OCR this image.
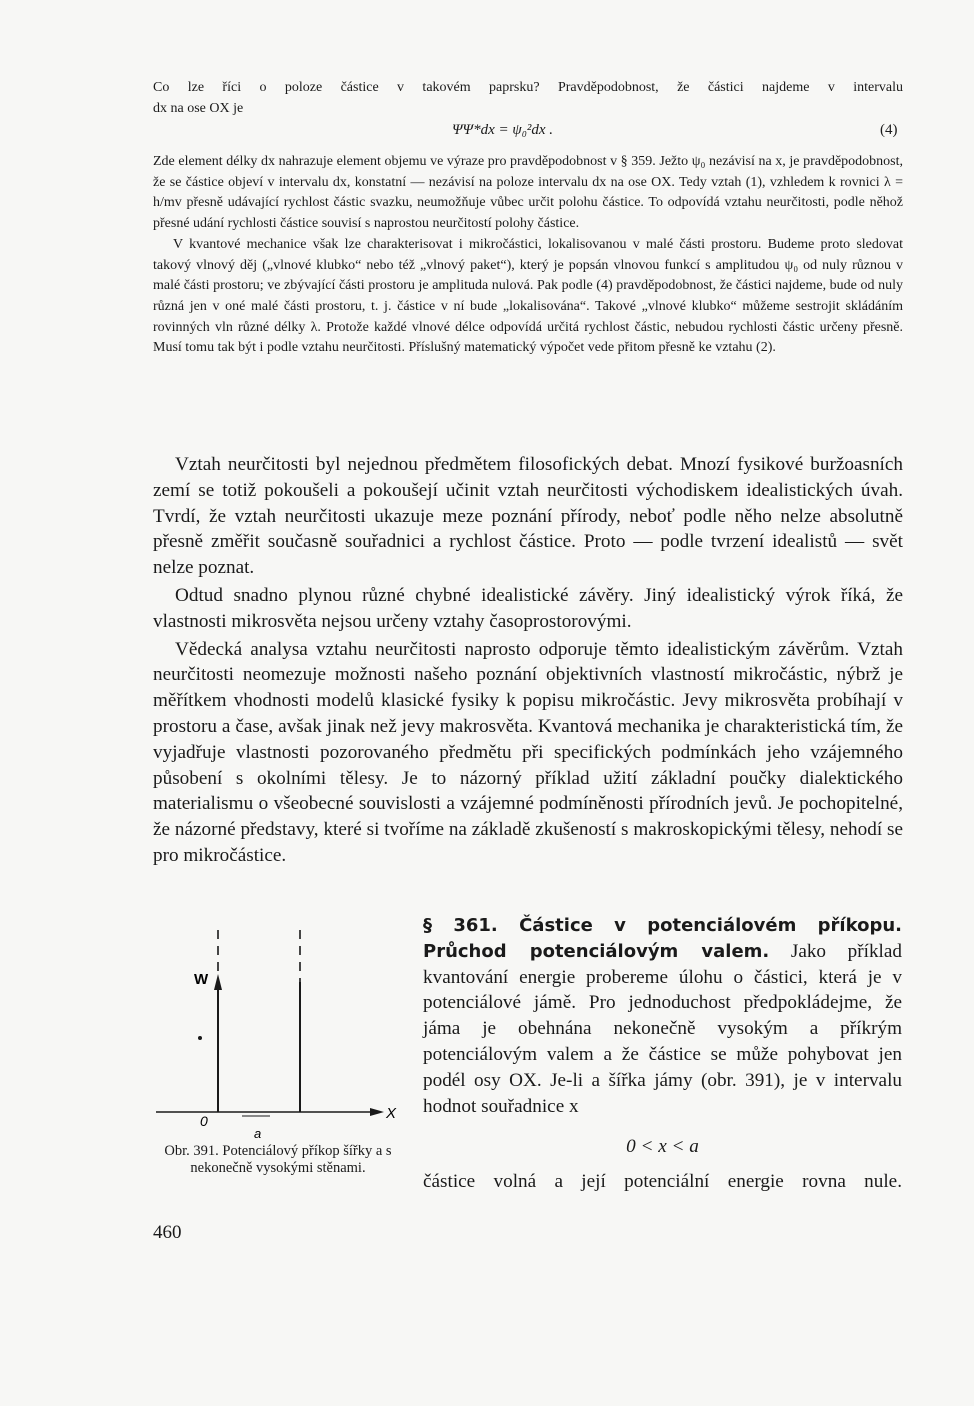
Co lze říci o poloze částice v takovém paprsku? Pravděpodobnost, že částici najdeme v intervalu

dx na ose OX je

ΨΨ*dx = ψ₀²dx .	(4)

Zde element délky dx nahrazuje element objemu ve výraze pro pravděpodobnost v § 359. Ježto ψ₀ nezávisí na x, je pravděpodobnost, že se částice objeví v intervalu dx, konstatní — nezávisí na poloze intervalu dx na ose OX. Tedy vztah (1), vzhledem k rovnici λ = h/mv přesně udávající rychlost částic svazku, neumožňuje vůbec určit polohu částice. To odpovídá vztahu neurčitosti, podle něhož přesné udání rychlosti částice souvisí s naprostou neurčitostí polohy částice.

V kvantové mechanice však lze charakterisovat i mikročástici, lokalisovanou v malé části prostoru. Budeme proto sledovat takový vlnový děj („vlnové klubko“ nebo též „vlnový paket“), který je popsán vlnovou funkcí s amplitudou ψ₀ od nuly různou v malé části prostoru; ve zbývající části prostoru je amplituda nulová. Pak podle (4) pravděpodobnost, že částici najdeme, bude od nuly různá jen v oné malé části prostoru, t. j. částice v ní bude „lokalisována“. Takové „vlnové klubko“ můžeme sestrojit skládáním rovinných vln různé délky λ. Protože každé vlnové délce odpovídá určitá rychlost částic, nebudou rychlosti částic určeny přesně. Musí tomu tak být i podle vztahu neurčitosti. Příslušný matematický výpočet vede přitom přesně ke vztahu (2).

Vztah neurčitosti byl nejednou předmětem filosofických debat. Mnozí fysikové buržoasních zemí se totiž pokoušeli a pokoušejí učinit vztah neurčitosti východiskem idealistických úvah. Tvrdí, že vztah neurčitosti ukazuje meze poznání přírody, neboť podle něho nelze absolutně přesně změřit současně souřadnici a rychlost částice. Proto — podle tvrzení idealistů — svět nelze poznat.

Odtud snadno plynou různé chybné idealistické závěry. Jiný idealistický výrok říká, že vlastnosti mikrosvěta nejsou určeny vztahy časoprostorovými.

Vědecká analysa vztahu neurčitosti naprosto odporuje těmto idealistickým závěrům. Vztah neurčitosti neomezuje možnosti našeho poznání objektivních vlastností mikročástic, nýbrž je měřítkem vhodnosti modelů klasické fysiky k popisu mikročástic. Jevy mikrosvěta probíhají v prostoru a čase, avšak jinak než jevy makrosvěta. Kvantová mechanika je charakteristická tím, že vyjadřuje vlastnosti pozorovaného předmětu při specifických podmínkách jeho vzájemného působení s okolními tělesy. Je to názorný příklad užití základní poučky dialektického materialismu o všeobecné souvislosti a vzájemné podmíněnosti přírodních jevů. Je pochopitelné, že názorné představy, které si tvoříme na základě zkušeností s makroskopickými tělesy, nehodí se pro mikročástice.

W
X
0
a
Obr. 391. Potenciálový příkop šířky a s nekonečně vysokými stěnami.
§ 361. Částice v potenciálovém příkopu. Průchod potenciálovým valem. Jako příklad kvantování energie probereme úlohu o částici, která je v potenciálové jámě. Pro jednoduchost předpokládejme, že jáma je obehnána nekonečně vysokým a příkrým potenciálovým valem a že částice se může pohybovat jen podél osy OX. Je-li a šířka jámy (obr. 391), je v intervalu hodnot souřadnice x
0 < x < a
částice volná a její potenciální energie rovna nule.
460
